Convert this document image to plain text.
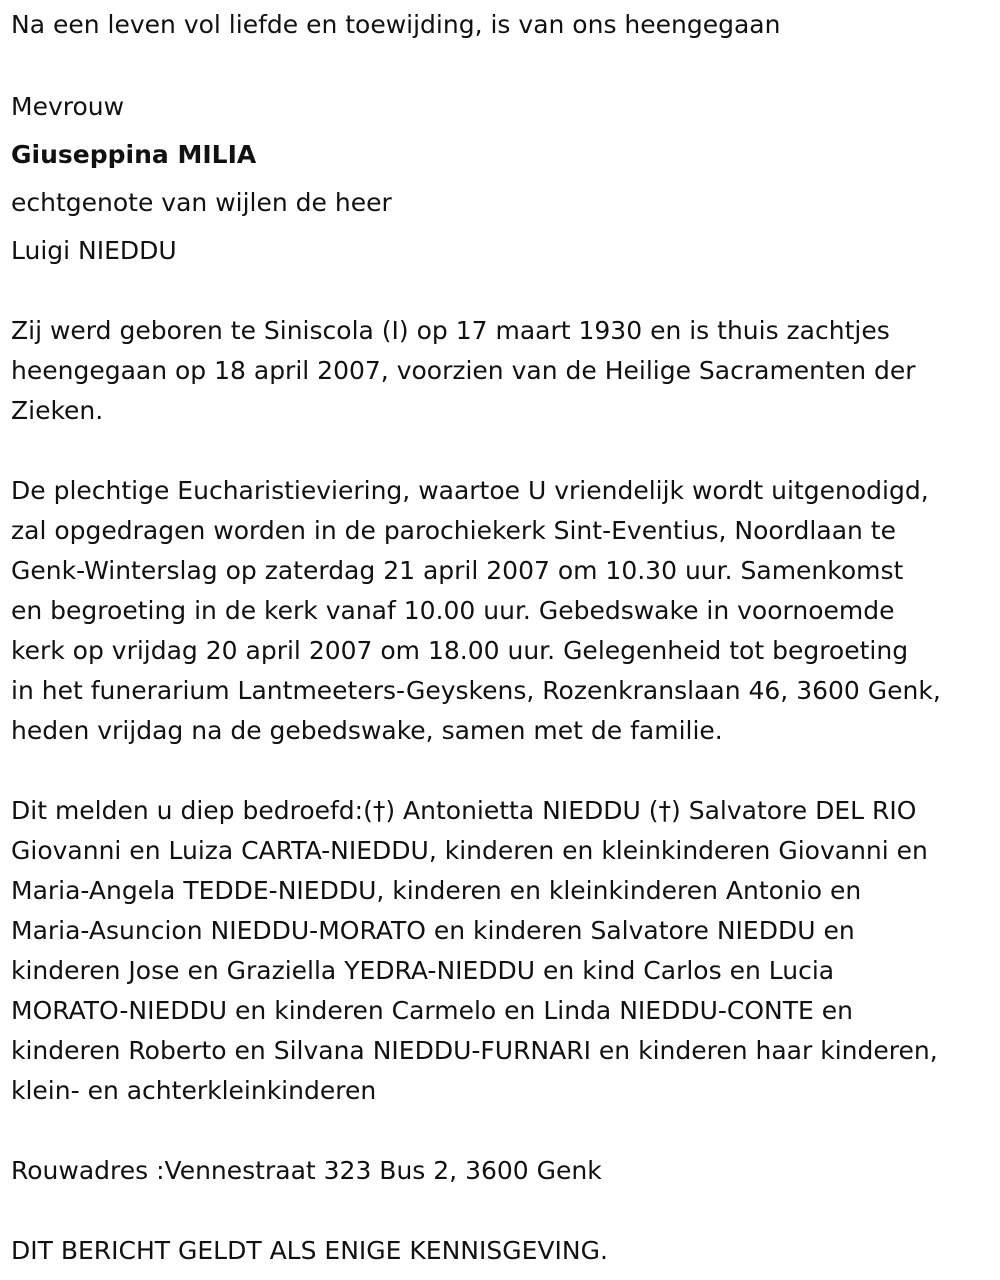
Na een leven vol liefde en toewijding, is van ons heengegaan

Mevrouw

Giuseppina MILIA

echtgenote van wijlen de heer

Luigi NIEDDU

Zij werd geboren te Siniscola (I) op 17 maart 1930 en is thuis zachtjes

heengegaan op 18 april 2007, voorzien van de Heilige Sacramenten der

Zieken.

De plechtige Eucharistieviering, waartoe U vriendelijk wordt uitgenodigd,

zal opgedragen worden in de parochiekerk Sint-Eventius, Noordlaan te

Genk-Winterslag op zaterdag 21 april 2007 om 10.30 uur. Samenkomst

en begroeting in de kerk vanaf 10.00 uur. Gebedswake in voornoemde

kerk op vrijdag 20 april 2007 om 18.00 uur. Gelegenheid tot begroeting

in het funerarium Lantmeeters-Geyskens, Rozenkranslaan 46, 3600 Genk,

heden vrijdag na de gebedswake, samen met de familie.

Dit melden u diep bedroefd:(†) Antonietta NIEDDU (†) Salvatore DEL RIO

Giovanni en Luiza CARTA-NIEDDU, kinderen en kleinkinderen Giovanni en

Maria-Angela TEDDE-NIEDDU, kinderen en kleinkinderen Antonio en

Maria-Asuncion NIEDDU-MORATO en kinderen Salvatore NIEDDU en

kinderen Jose en Graziella YEDRA-NIEDDU en kind Carlos en Lucia

MORATO-NIEDDU en kinderen Carmelo en Linda NIEDDU-CONTE en

kinderen Roberto en Silvana NIEDDU-FURNARI en kinderen haar kinderen,

klein- en achterkleinkinderen

Rouwadres :Vennestraat 323 Bus 2, 3600 Genk

DIT BERICHT GELDT ALS ENIGE KENNISGEVING.
